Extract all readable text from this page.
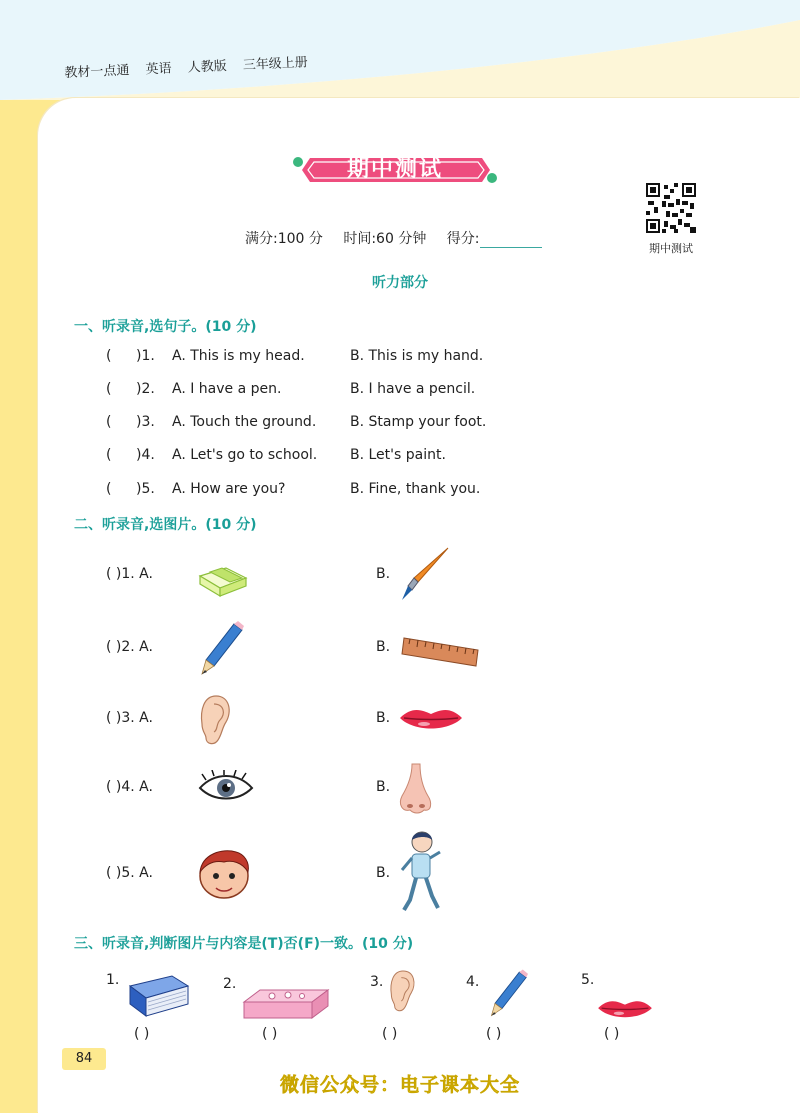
教材一点通 英语 人教版 三年级上册
期中测试
期中测试
满分:100 分 时间:60 分钟 得分:
听力部分
一、听录音,选句子。(10 分)
( )1. A. This is my head.	B. This is my hand.
( )2. A. I have a pen.	B. I have a pencil.
( )3. A. Touch the ground. B. Stamp your foot.
( )4. A. Let's go to school. B. Let's paint.
( )5. A. How are you?	B. Fine, thank you.
二、听录音,选图片。(10 分)
( )1. A.	B.
( )2. A.	B.
( )3. A.	B.
( )4. A.	B.
( )5. A.	B.
三、听录音,判断图片与内容是(T)否(F)一致。(10 分)
1.	2.	3.	4.	5.
( )	( )	( )	( )	( )
84
微信公众号：电子课本大全
